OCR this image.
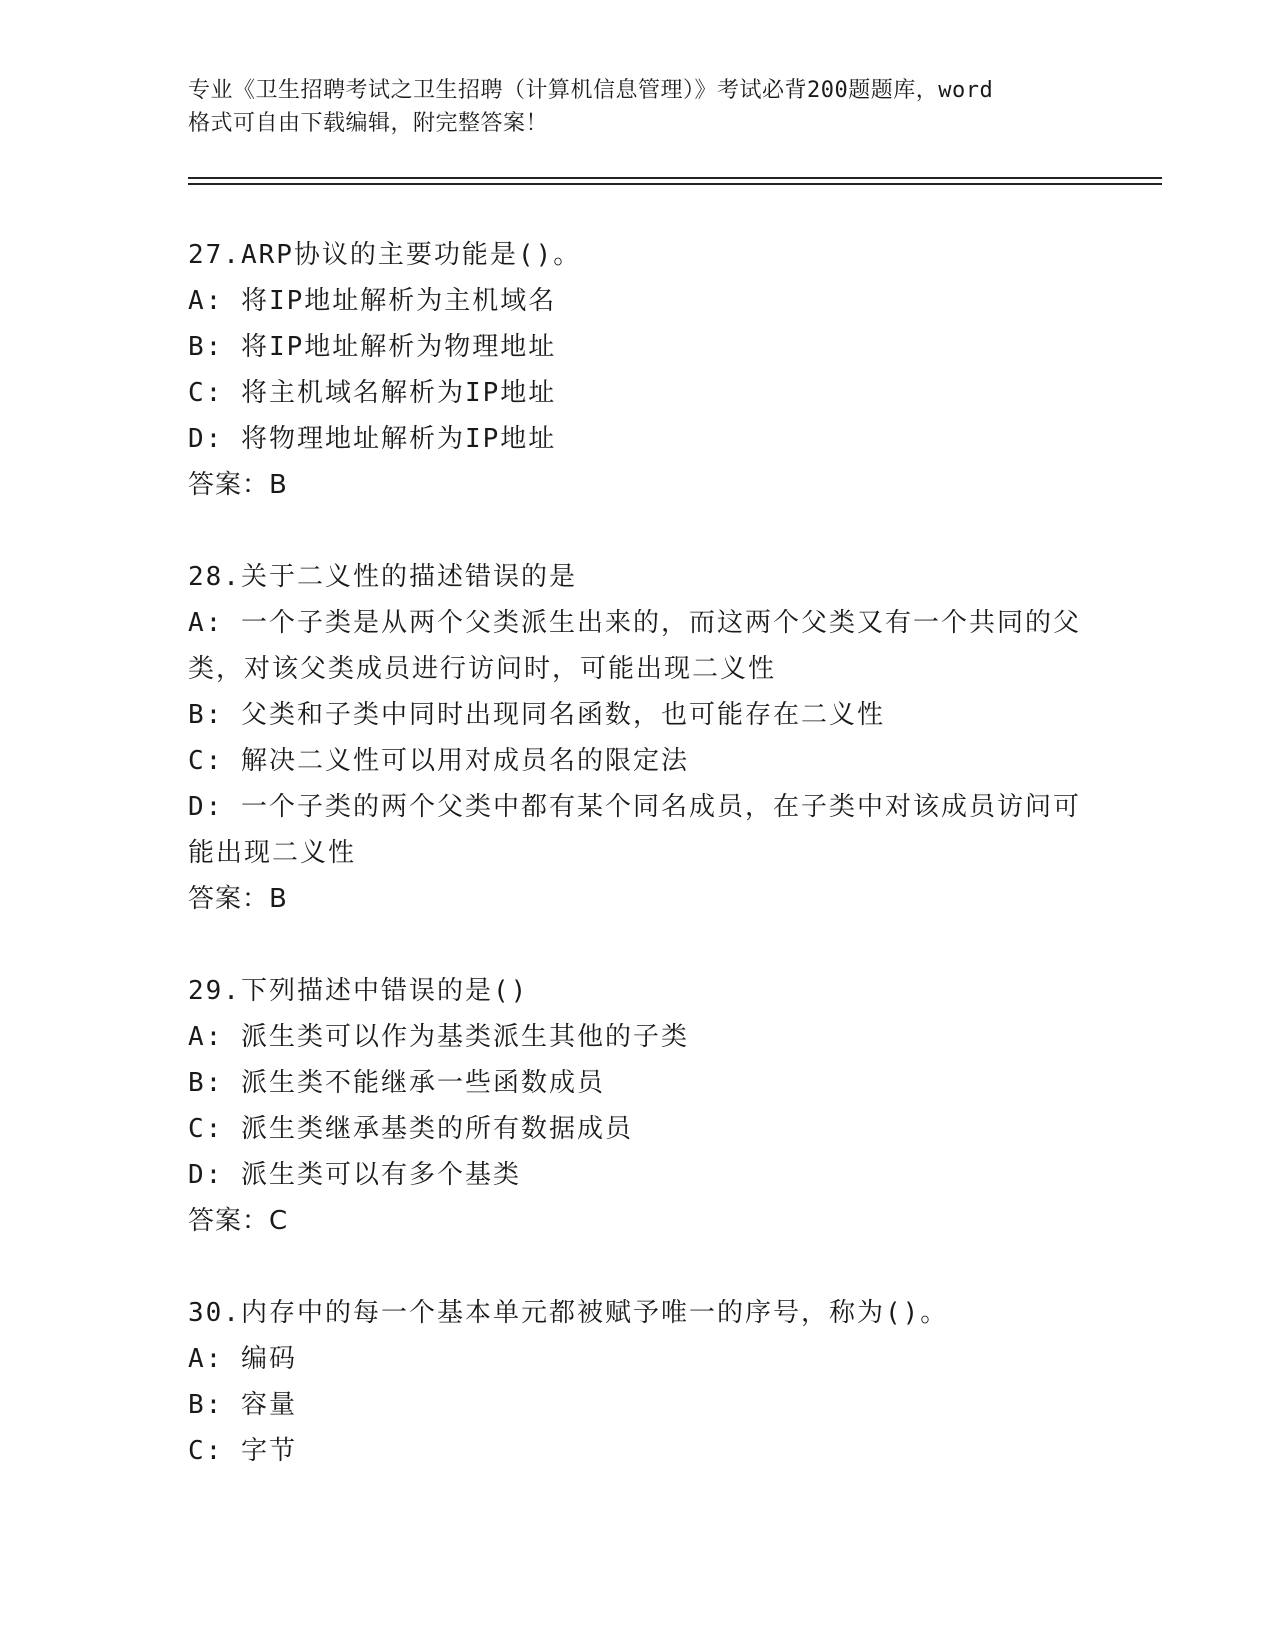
专业《卫生招聘考试之卫生招聘（计算机信息管理）》考试必背200题题库，word
格式可自由下载编辑，附完整答案！
27.ARP协议的主要功能是()。
A: 将IP地址解析为主机域名
B: 将IP地址解析为物理地址
C: 将主机域名解析为IP地址
D: 将物理地址解析为IP地址
答案：B
28.关于二义性的描述错误的是
A: 一个子类是从两个父类派生出来的，而这两个父类又有一个共同的父类，对该父类成员进行访问时，可能出现二义性
B: 父类和子类中同时出现同名函数，也可能存在二义性
C: 解决二义性可以用对成员名的限定法
D: 一个子类的两个父类中都有某个同名成员，在子类中对该成员访问可能出现二义性
答案：B
29.下列描述中错误的是()
A: 派生类可以作为基类派生其他的子类
B: 派生类不能继承一些函数成员
C: 派生类继承基类的所有数据成员
D: 派生类可以有多个基类
答案：C
30.内存中的每一个基本单元都被赋予唯一的序号，称为()。
A: 编码
B: 容量
C: 字节
